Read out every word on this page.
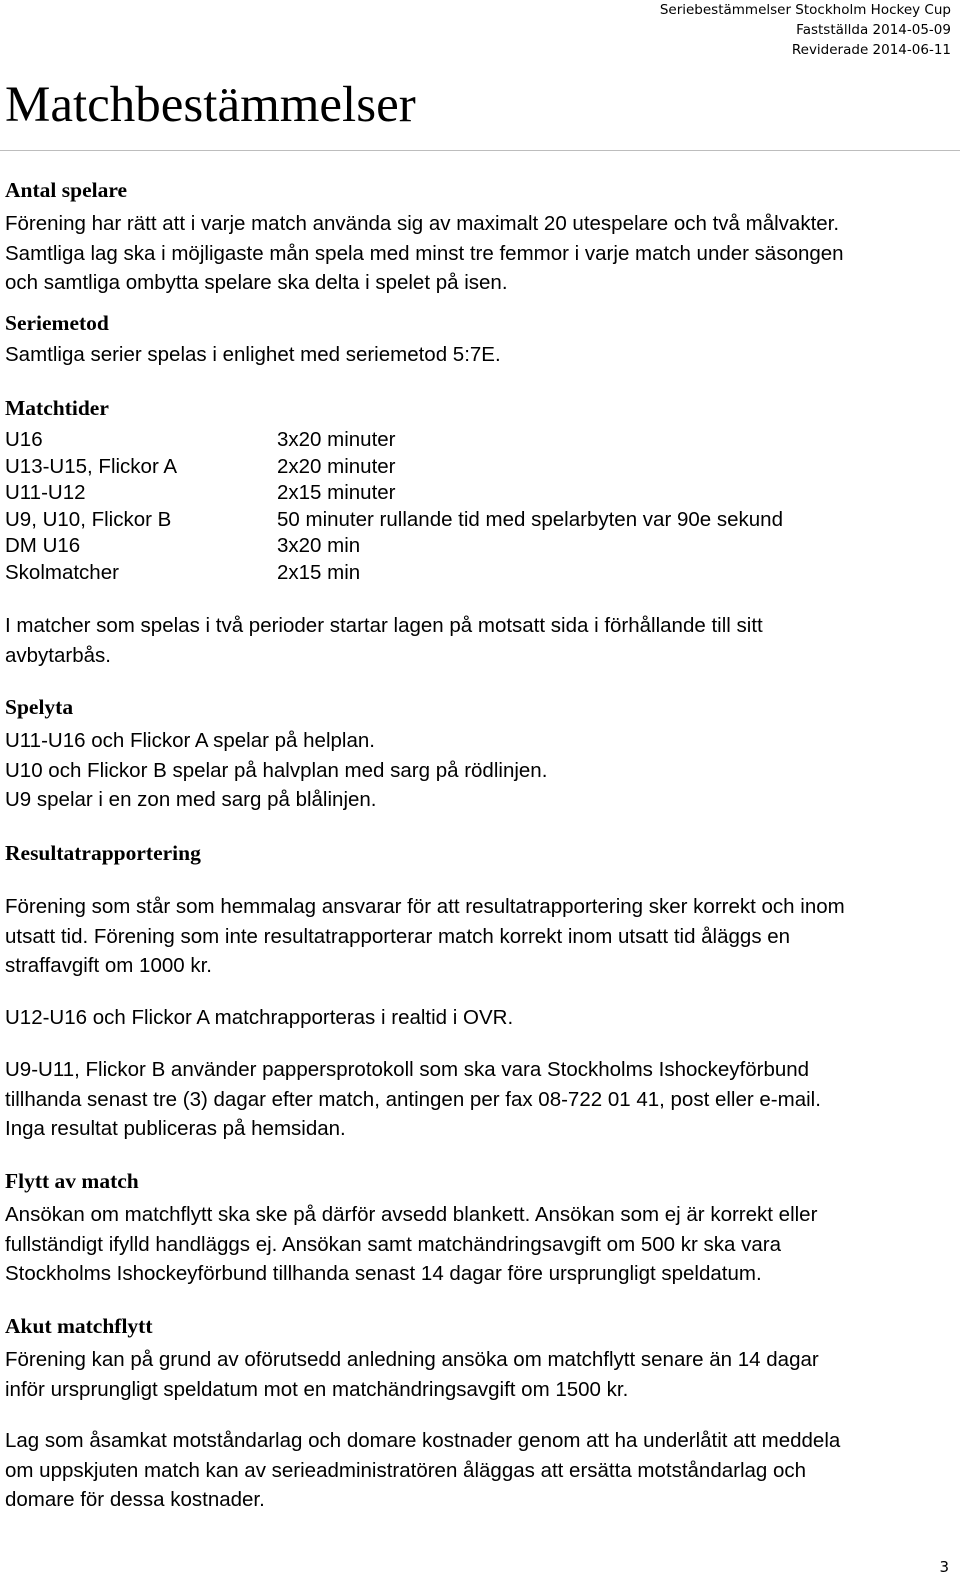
Seriebestämmelser Stockholm Hockey Cup
Fastställda 2014-05-09
Reviderade 2014-06-11
Matchbestämmelser
Antal spelare
Förening har rätt att i varje match använda sig av maximalt 20 utespelare och två målvakter.
Samtliga lag ska i möjligaste mån spela med minst tre femmor i varje match under säsongen
och samtliga ombytta spelare ska delta i spelet på isen.
Seriemetod
Samtliga serier spelas i enlighet med seriemetod 5:7E.
Matchtider
U16	3x20 minuter
U13-U15, Flickor A	2x20 minuter
U11-U12	2x15 minuter
U9, U10, Flickor B	50 minuter rullande tid med spelarbyten var 90e sekund
DM U16	3x20 min
Skolmatcher	2x15 min
I matcher som spelas i två perioder startar lagen på motsatt sida i förhållande till sitt
avbytarbås.
Spelyta
U11-U16 och Flickor A spelar på helplan.
U10 och Flickor B spelar på halvplan med sarg på rödlinjen.
U9 spelar i en zon med sarg på blålinjen.
Resultatrapportering
Förening som står som hemmalag ansvarar för att resultatrapportering sker korrekt och inom
utsatt tid. Förening som inte resultatrapporterar match korrekt inom utsatt tid åläggs en
straffavgift om 1000 kr.
U12-U16 och Flickor A matchrapporteras i realtid i OVR.
U9-U11, Flickor B använder pappersprotokoll som ska vara Stockholms Ishockeyförbund
tillhanda senast tre (3) dagar efter match, antingen per fax 08-722 01 41, post eller e-mail.
Inga resultat publiceras på hemsidan.
Flytt av match
Ansökan om matchflytt ska ske på därför avsedd blankett. Ansökan som ej är korrekt eller
fullständigt ifylld handläggs ej. Ansökan samt matchändringsavgift om 500 kr ska vara
Stockholms Ishockeyförbund tillhanda senast 14 dagar före ursprungligt speldatum.
Akut matchflytt
Förening kan på grund av oförutsedd anledning ansöka om matchflytt senare än 14 dagar
inför ursprungligt speldatum mot en matchändringsavgift om 1500 kr.
Lag som åsamkat motståndarlag och domare kostnader genom att ha underlåtit att meddela
om uppskjuten match kan av serieadministratören åläggas att ersätta motståndarlag och
domare för dessa kostnader.
3
